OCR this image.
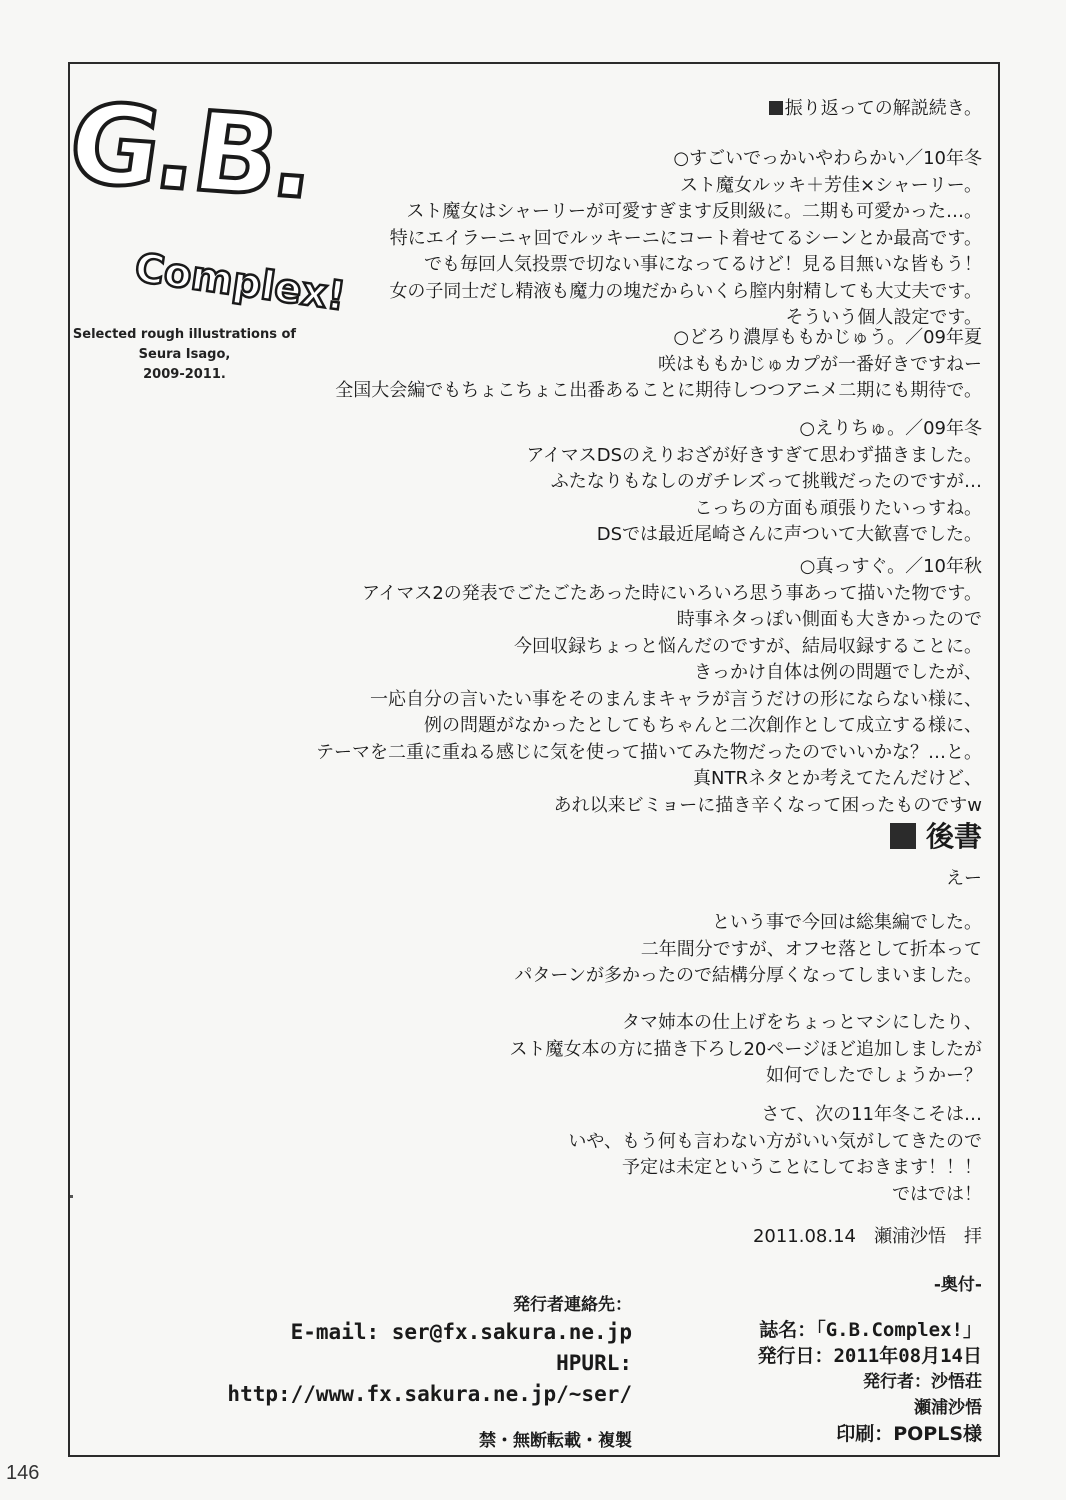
G.B.
Complex!
Selected rough illustrations of
Seura Isago,
2009-2011.
振り返っての解説続き。
○すごいでっかいやわらかい／10年冬
スト魔女ルッキ＋芳佳×シャーリー。
スト魔女はシャーリーが可愛すぎます反則級に。二期も可愛かった…。
特にエイラーニャ回でルッキーニにコート着せてるシーンとか最高です。
でも毎回人気投票で切ない事になってるけど！見る目無いな皆もう！
女の子同士だし精液も魔力の塊だからいくら膣内射精しても大丈夫です。
そういう個人設定です。
○どろり濃厚ももかじゅう。／09年夏
咲はももかじゅカプが一番好きですねー
全国大会編でもちょこちょこ出番あることに期待しつつアニメ二期にも期待で。
○えりちゅ。／09年冬
アイマスDSのえりおざが好きすぎて思わず描きました。
ふたなりもなしのガチレズって挑戦だったのですが…
こっちの方面も頑張りたいっすね。
DSでは最近尾崎さんに声ついて大歓喜でした。
○真っすぐ。／10年秋
アイマス2の発表でごたごたあった時にいろいろ思う事あって描いた物です。
時事ネタっぽい側面も大きかったので
今回収録ちょっと悩んだのですが、結局収録することに。
きっかけ自体は例の問題でしたが、
一応自分の言いたい事をそのまんまキャラが言うだけの形にならない様に、
例の問題がなかったとしてもちゃんと二次創作として成立する様に、
テーマを二重に重ねる感じに気を使って描いてみた物だったのでいいかな？…と。
真NTRネタとか考えてたんだけど、
あれ以来ビミョーに描き辛くなって困ったものですw
後書
えー
という事で今回は総集編でした。
二年間分ですが、オフセ落として折本って
パターンが多かったので結構分厚くなってしまいました。
タマ姉本の仕上げをちょっとマシにしたり、
スト魔女本の方に描き下ろし20ページほど追加しましたが
如何でしたでしょうかー？
さて、次の11年冬こそは…
いや、もう何も言わない方がいい気がしてきたので
予定は未定ということにしておきます！！！
ではでは！
2011.08.14　瀬浦沙悟　拝
-奥付-
発行者連絡先：
E-mail: ser@fx.sakura.ne.jp
HPURL:
http://www.fx.sakura.ne.jp/~ser/
禁・無断転載・複製
誌名：「G.B.Complex!」
発行日：2011年08月14日
発行者：沙悟荘
瀬浦沙悟
印刷：POPLS様
146
